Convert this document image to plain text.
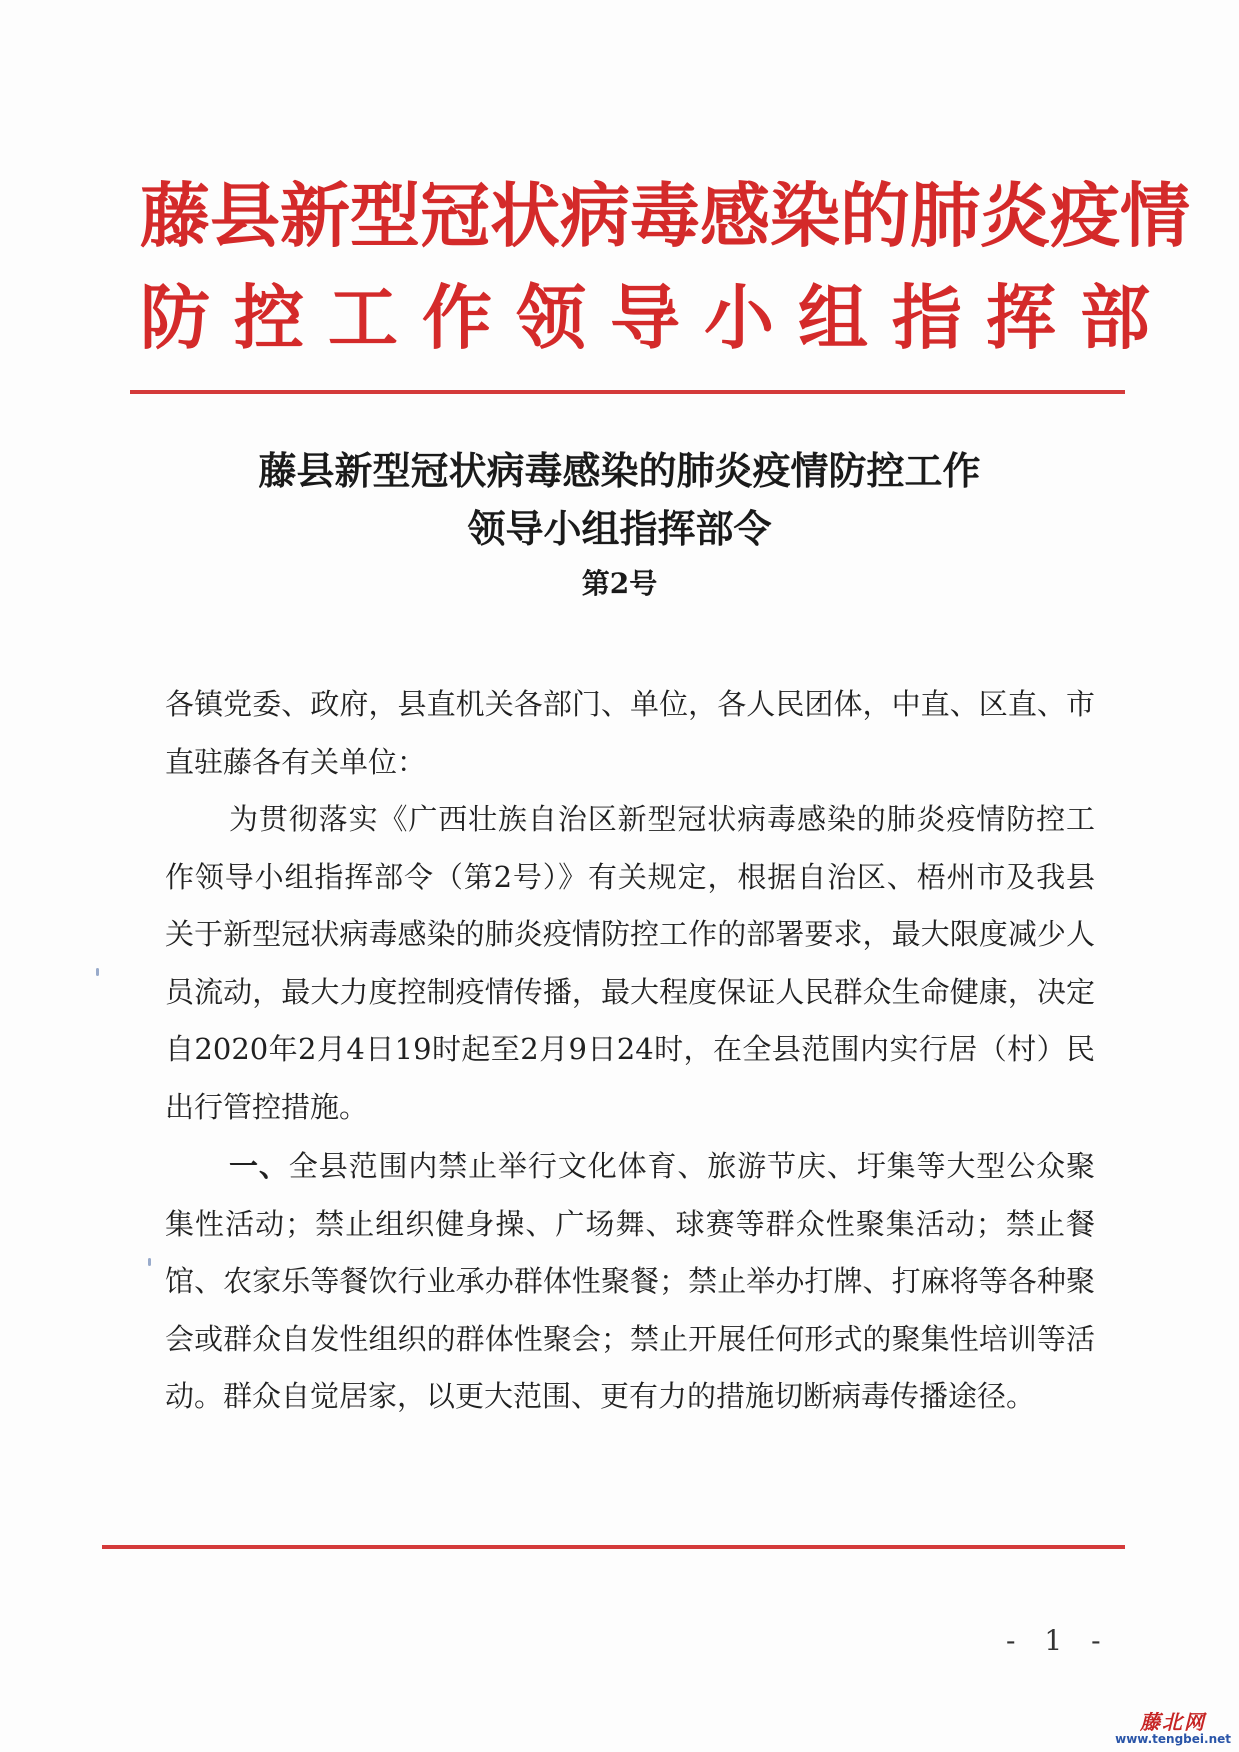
藤县新型冠状病毒感染的肺炎疫情
防控工作领导小组指挥部
藤县新型冠状病毒感染的肺炎疫情防控工作
领导小组指挥部令
第2号
各镇党委、政府，县直机关各部门、单位，各人民团体，中直、区直、市直驻藤各有关单位：
为贯彻落实《广西壮族自治区新型冠状病毒感染的肺炎疫情防控工作领导小组指挥部令（第2号）》有关规定，根据自治区、梧州市及我县关于新型冠状病毒感染的肺炎疫情防控工作的部署要求，最大限度减少人员流动，最大力度控制疫情传播，最大程度保证人民群众生命健康，决定自2020年2月4日19时起至2月9日24时，在全县范围内实行居（村）民出行管控措施。
一、全县范围内禁止举行文化体育、旅游节庆、圩集等大型公众聚集性活动；禁止组织健身操、广场舞、球赛等群众性聚集活动；禁止餐馆、农家乐等餐饮行业承办群体性聚餐；禁止举办打牌、打麻将等各种聚会或群众自发性组织的群体性聚会；禁止开展任何形式的聚集性培训等活动。群众自觉居家，以更大范围、更有力的措施切断病毒传播途径。
- 1 -
藤北网
www.tengbei.net
